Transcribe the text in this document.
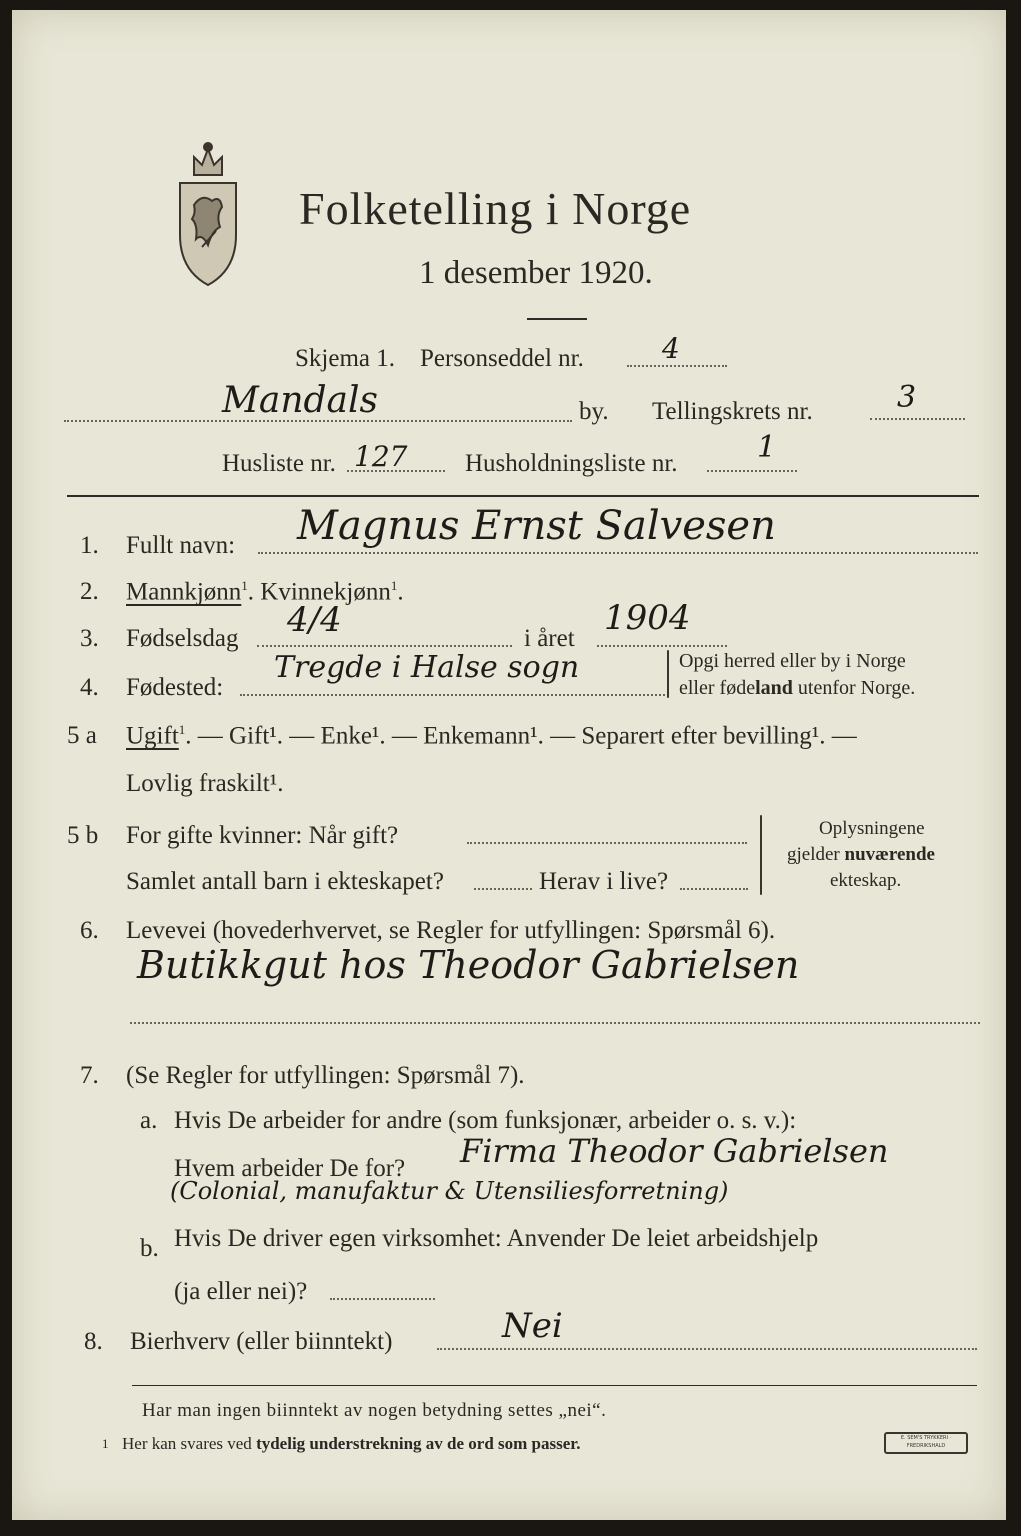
Folketelling i Norge
1 desember 1920.
Skjema 1. Personseddel nr.	4
Mandals	by. Tellingskrets nr.	3
Husliste nr. 127 Husholdningsliste nr.	1
1. Fullt navn: Magnus Ernst Salvesen
2. Mannkjønn$^1$. Kvinnekjønn$^1$.
3. Fødselsdag 4/4	i året
1904
4. Fødested:
Tregde i Halse sogn	Opgi herred eller by i Norge
eller fødeland utenfor Norge.
5 a Ugift$^1$. — Gift¹. — Enke¹. — Enkemann¹. — Separert efter bevilling¹. —
Lovlig fraskilt¹.
5 b For gifte kvinner: Når gift?
Samlet antall barn i ekteskapet?	Herav i live?
Oplysningene
gjelder nuværende
ekteskap.
6. Levevei (hovederhvervet, se Regler for utfyllingen: Spørsmål 6).
Butikkgut hos Theodor Gabrielsen
7. (Se Regler for utfyllingen: Spørsmål 7).
a. Hvis De arbeider for andre (som funksjonær, arbeider o. s. v.):
Hvem arbeider De for? Firma Theodor Gabrielsen
(Colonial, manufaktur & Utensiliesforretning)
b. Hvis De driver egen virksomhet: Anvender De leiet arbeidshjelp
(ja eller nei)?
8. Bierhverv (eller biinntekt)	Nei
Har man ingen biinntekt av nogen betydning settes „nei“.
1 Her kan svares ved tydelig understrekning av de ord som passer.	E. SEM'S TRYKKERI · FREDRIKSHALD
